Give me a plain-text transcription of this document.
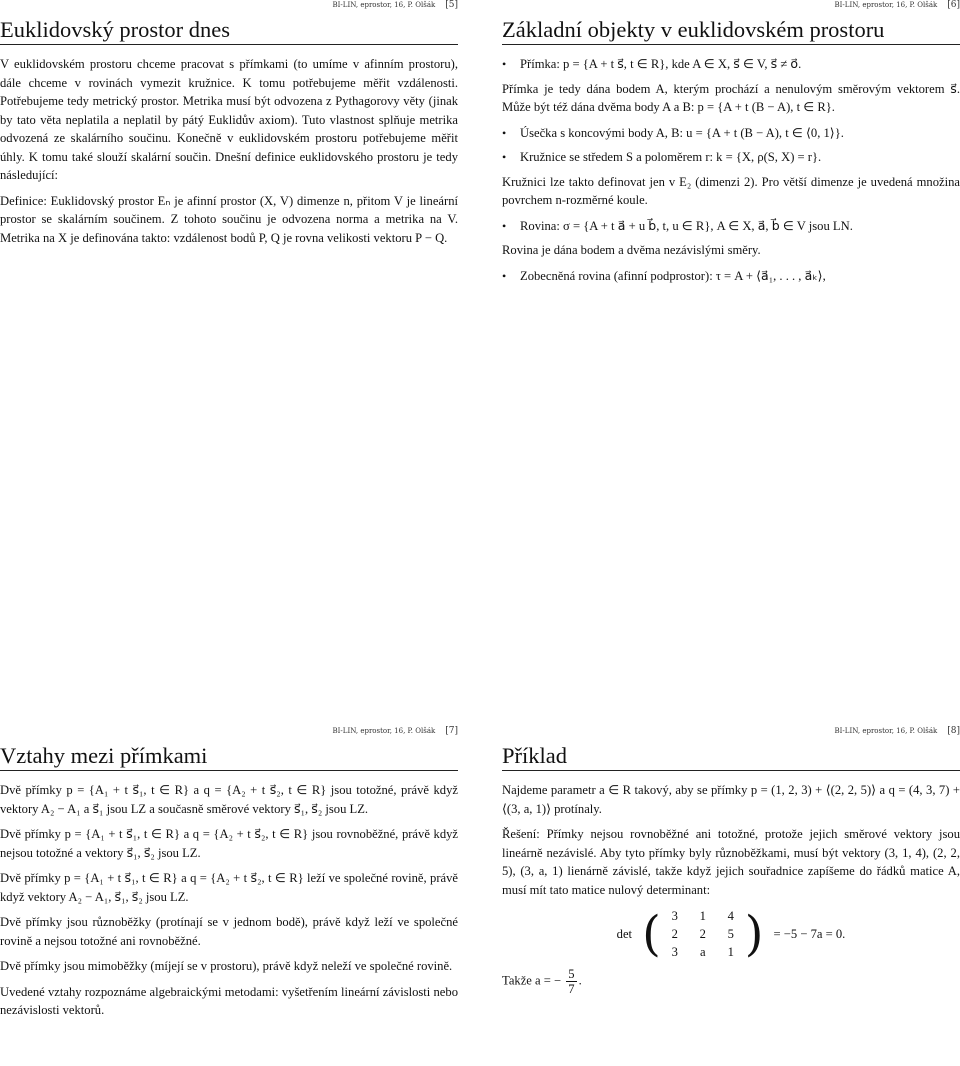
BI-LIN, eprostor, 16, P. Olšák [5]
Euklidovský prostor dnes

V euklidovském prostoru chceme pracovat s přímkami (to umíme v afinním prostoru), dále chceme v rovinách vymezit kružnice. K tomu potřebujeme měřit vzdálenosti. Potřebujeme tedy metrický prostor. Metrika musí být odvozena z Pythagorovy věty (jinak by tato věta neplatila a neplatil by pátý Euklidův axiom). Tuto vlastnost splňuje metrika odvozená ze skalárního součinu. Konečně v euklidovském prostoru potřebujeme měřit úhly. K tomu také slouží skalární součin. Dnešní definice euklidovského prostoru je tedy následující:

Definice: Euklidovský prostor Eₙ je afinní prostor (X, V) dimenze n, přitom V je lineární prostor se skalárním součinem. Z tohoto součinu je odvozena norma a metrika na V. Metrika na X je definována takto: vzdálenost bodů P, Q je rovna velikosti vektoru P − Q.

BI-LIN, eprostor, 16, P. Olšák [6]
Základní objekty v euklidovském prostoru
•	Přímka: p = {A + t s⃗, t ∈ R}, kde A ∈ X, s⃗ ∈ V, s⃗ ≠ o⃗.

Přímka je tedy dána bodem A, kterým prochází a nenulovým směrovým vektorem s⃗. Může být též dána dvěma body A a B: p = {A + t (B − A), t ∈ R}.

•	Úsečka s koncovými body A, B: u = {A + t (B − A), t ∈ ⟨0, 1⟩}.
•	Kružnice se středem S a poloměrem r: k = {X, ρ(S, X) = r}.

Kružnici lze takto definovat jen v E₂ (dimenzi 2). Pro větší dimenze je uvedená množina povrchem n-rozměrné koule.

•	Rovina: σ = {A + t a⃗ + u b⃗, t, u ∈ R}, A ∈ X, a⃗, b⃗ ∈ V jsou LN.

Rovina je dána bodem a dvěma nezávislými směry.

•	Zobecněná rovina (afinní podprostor): τ = A + ⟨a⃗₁, . . . , a⃗ₖ⟩,
BI-LIN, eprostor, 16, P. Olšák [7]
Vztahy mezi přímkami

Dvě přímky p = {A₁ + t s⃗₁, t ∈ R} a q = {A₂ + t s⃗₂, t ∈ R} jsou totožné, právě když vektory A₂ − A₁ a s⃗₁ jsou LZ a současně směrové vektory s⃗₁, s⃗₂ jsou LZ.

Dvě přímky p = {A₁ + t s⃗₁, t ∈ R} a q = {A₂ + t s⃗₂, t ∈ R} jsou rovnoběžné, právě když nejsou totožné a vektory s⃗₁, s⃗₂ jsou LZ.

Dvě přímky p = {A₁ + t s⃗₁, t ∈ R} a q = {A₂ + t s⃗₂, t ∈ R} leží ve společné rovině, právě když vektory A₂ − A₁, s⃗₁, s⃗₂ jsou LZ.

Dvě přímky jsou různoběžky (protínají se v jednom bodě), právě když leží ve společné rovině a nejsou totožné ani rovnoběžné.

Dvě přímky jsou mimoběžky (míjejí se v prostoru), právě když neleží ve společné rovině.

Uvedené vztahy rozpoznáme algebraickými metodami: vyšetřením lineární závislosti nebo nezávislosti vektorů.

BI-LIN, eprostor, 16, P. Olšák [8]
Příklad

Najdeme parametr a ∈ R takový, aby se přímky p = (1, 2, 3) + ⟨(2, 2, 5)⟩ a q = (4, 3, 7) + ⟨(3, a, 1)⟩ protínaly.

Řešení: Přímky nejsou rovnoběžné ani totožné, protože jejich směrové vektory jsou lineárně nezávislé. Aby tyto přímky byly různoběžkami, musí být vektory (3, 1, 4), (2, 2, 5), (3, a, 1) lienárně závislé, takže když jejich souřadnice zapíšeme do řádků matice A, musí mít tato matice nulový determinant:

det ( 3	1	4
2	2	5
3	a	1 ) = −5 − 7a = 0.

Takže a = − $\frac{5}{7}$ .
